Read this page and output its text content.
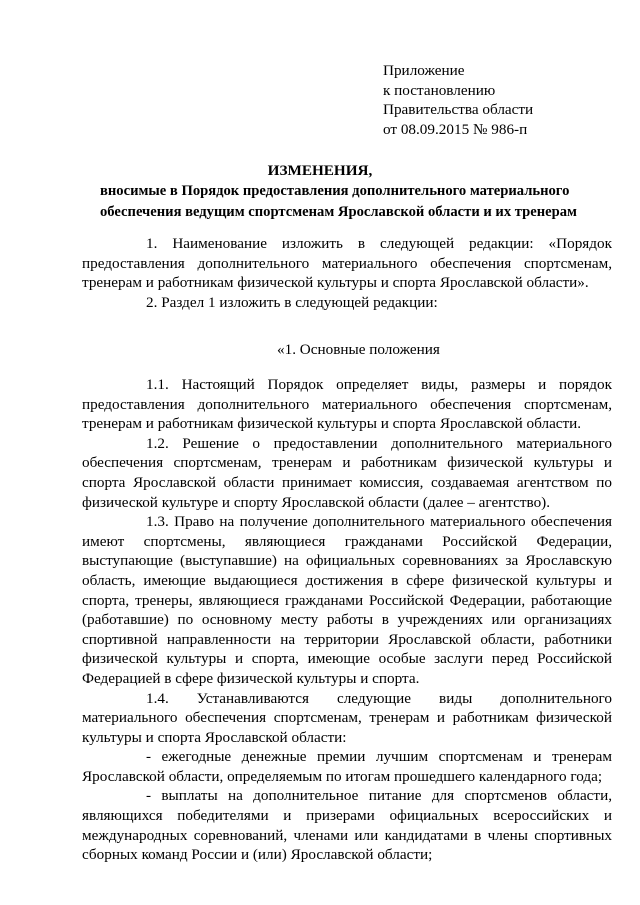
Приложение
к постановлению
Правительства области
от 08.09.2015 № 986-п
ИЗМЕНЕНИЯ,
вносимые в Порядок предоставления дополнительного материального
обеспечения ведущим спортсменам Ярославской области и их тренерам

1. Наименование изложить в следующей редакции: «Порядок предоставления дополнительного материального обеспечения спортсменам, тренерам и работникам физической культуры и спорта Ярославской области».

2. Раздел 1 изложить в следующей редакции:

«1. Основные положения

1.1. Настоящий Порядок определяет виды, размеры и порядок предоставления дополнительного материального обеспечения спортсменам, тренерам и работникам физической культуры и спорта Ярославской области.

1.2. Решение о предоставлении дополнительного материального обеспечения спортсменам, тренерам и работникам физической культуры и спорта Ярославской области принимает комиссия, создаваемая агентством по физической культуре и спорту Ярославской области (далее – агентство).

1.3. Право на получение дополнительного материального обеспечения имеют спортсмены, являющиеся гражданами Российской Федерации, выступающие (выступавшие) на официальных соревнованиях за Ярославскую область, имеющие выдающиеся достижения в сфере физической культуры и спорта, тренеры, являющиеся гражданами Российской Федерации, работающие (работавшие) по основному месту работы в учреждениях или организациях спортивной направленности на территории Ярославской области, работники физической культуры и спорта, имеющие особые заслуги перед Российской Федерацией в сфере физической культуры и спорта.

1.4. Устанавливаются следующие виды дополнительного материального обеспечения спортсменам, тренерам и работникам физической культуры и спорта Ярославской области:

- ежегодные денежные премии лучшим спортсменам и тренерам Ярославской области, определяемым по итогам прошедшего календарного года;

- выплаты на дополнительное питание для спортсменов области, являющихся победителями и призерами официальных всероссийских и международных соревнований, членами или кандидатами в члены спортивных сборных команд России и (или) Ярославской области;
